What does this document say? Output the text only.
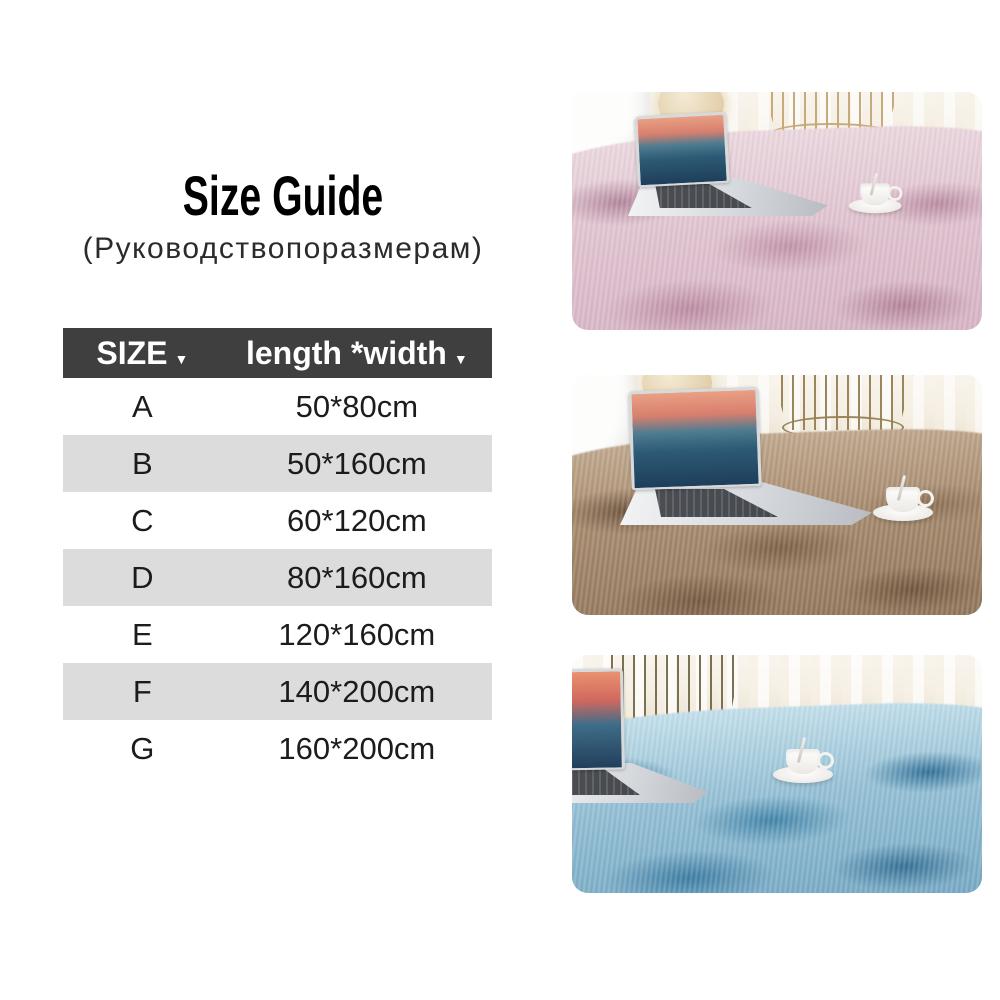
Size Guide
(Руководствопоразмерам)
SIZE ▼ length *width ▼
A	50*80cm
B	50*160cm
C	60*120cm
D	80*160cm
E	120*160cm
F	140*200cm
G	160*200cm
